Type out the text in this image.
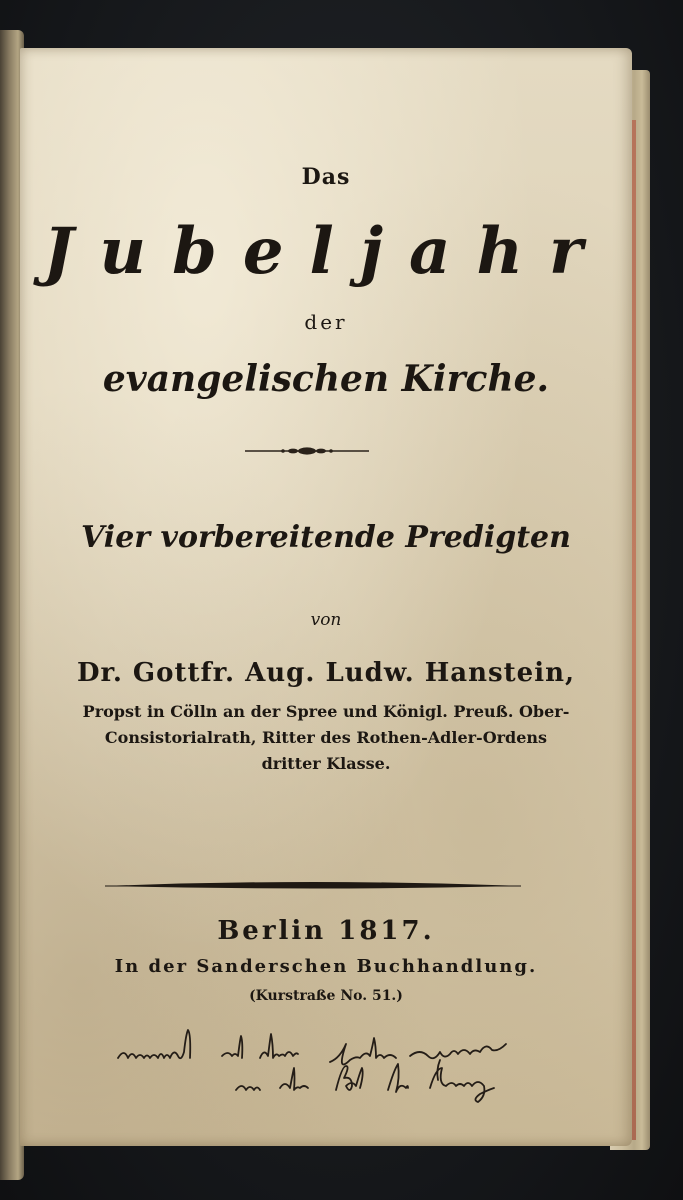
Das
Jubeljahr
der
evangelischen Kirche.
Vier vorbereitende Predigten
von
Dr. Gottfr. Aug. Ludw. Hanstein,
Propst in Cölln an der Spree und Königl. Preuß. Ober-
Consistorialrath, Ritter des Rothen-Adler-Ordens
dritter Klasse.
Berlin 1817.
In der Sanderschen Buchhandlung.
(Kurstraße No. 51.)
